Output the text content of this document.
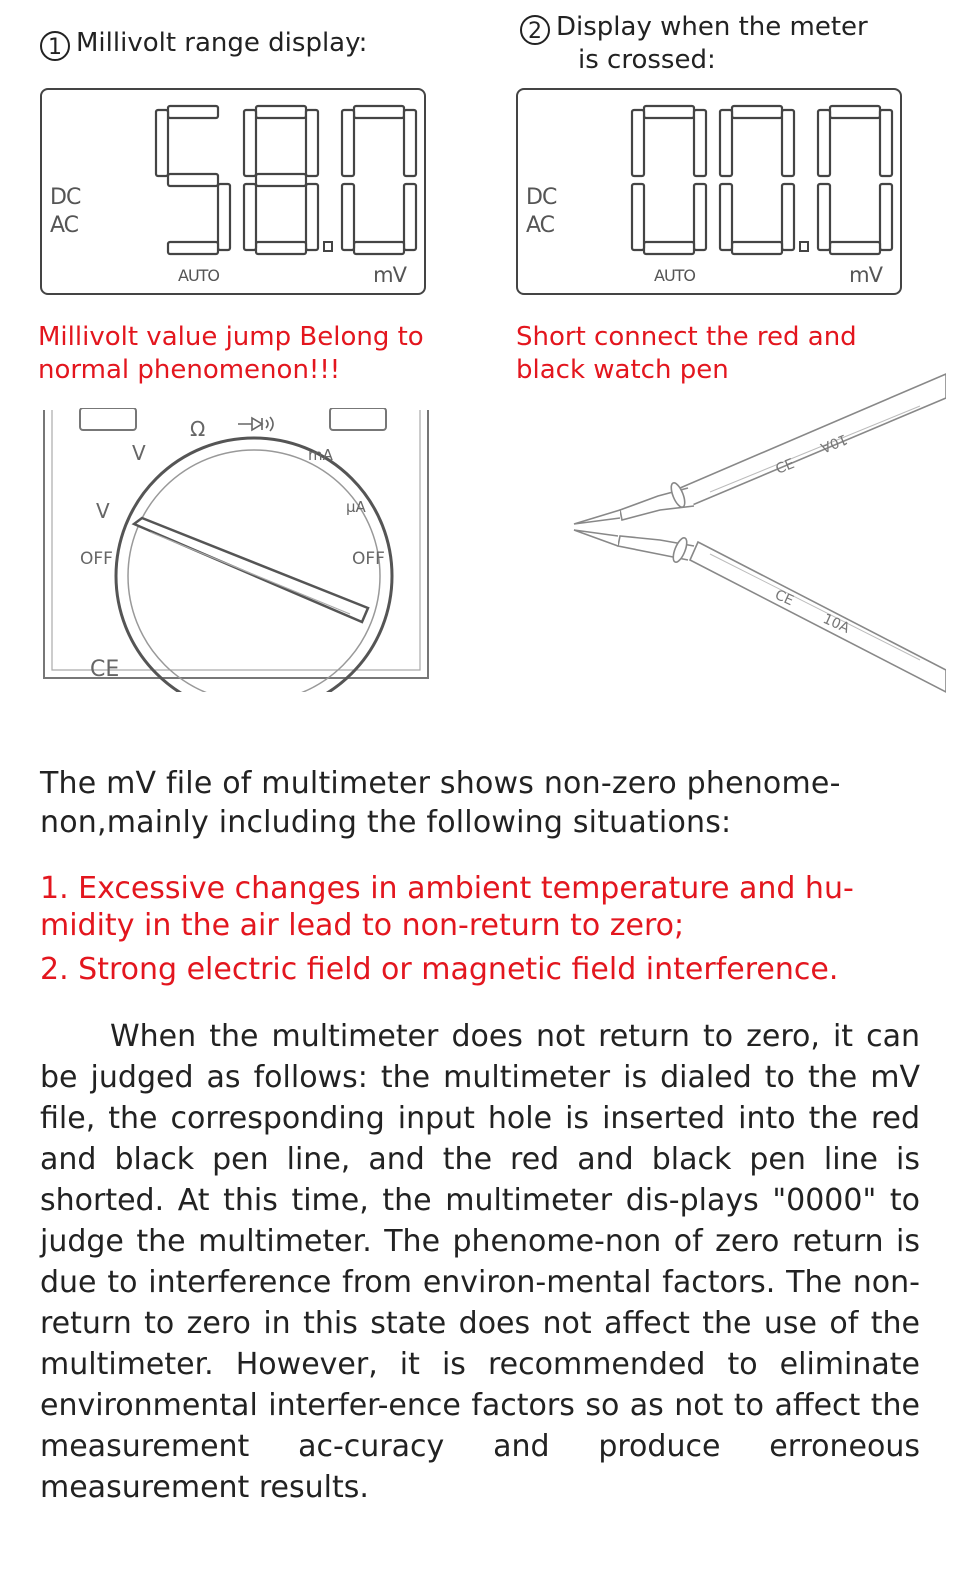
1 Millivolt range display:	2 Display when the meter
is crossed:
DC
AC
AUTO	mV
DC
AC
AUTO	mV
Millivolt value jump Belong to
normal phenomenon!!!
Short connect the red and
black watch pen
Ω
V
V
mA
μA
OFF	OFF
CE
CE
10A
CE
10A
The mV file of multimeter shows non-zero phenome-
non,mainly including the following situations:
1. Excessive changes in ambient temperature and hu-
midity in the air lead to non-return to zero;
2. Strong electric field or magnetic field interference.
When the multimeter does not return to zero, it can be judged as follows: the multimeter is dialed to the mV file, the corresponding input hole is inserted into the red and black pen line, and the red and black pen line is shorted. At this time, the multimeter dis-plays "0000" to judge the multimeter. The phenome-non of zero return is due to interference from environ-mental factors. The non-return to zero in this state does not affect the use of the multimeter. However, it is recommended to eliminate environmental interfer-ence factors so as not to affect the measurement ac-curacy and produce erroneous measurement results.
